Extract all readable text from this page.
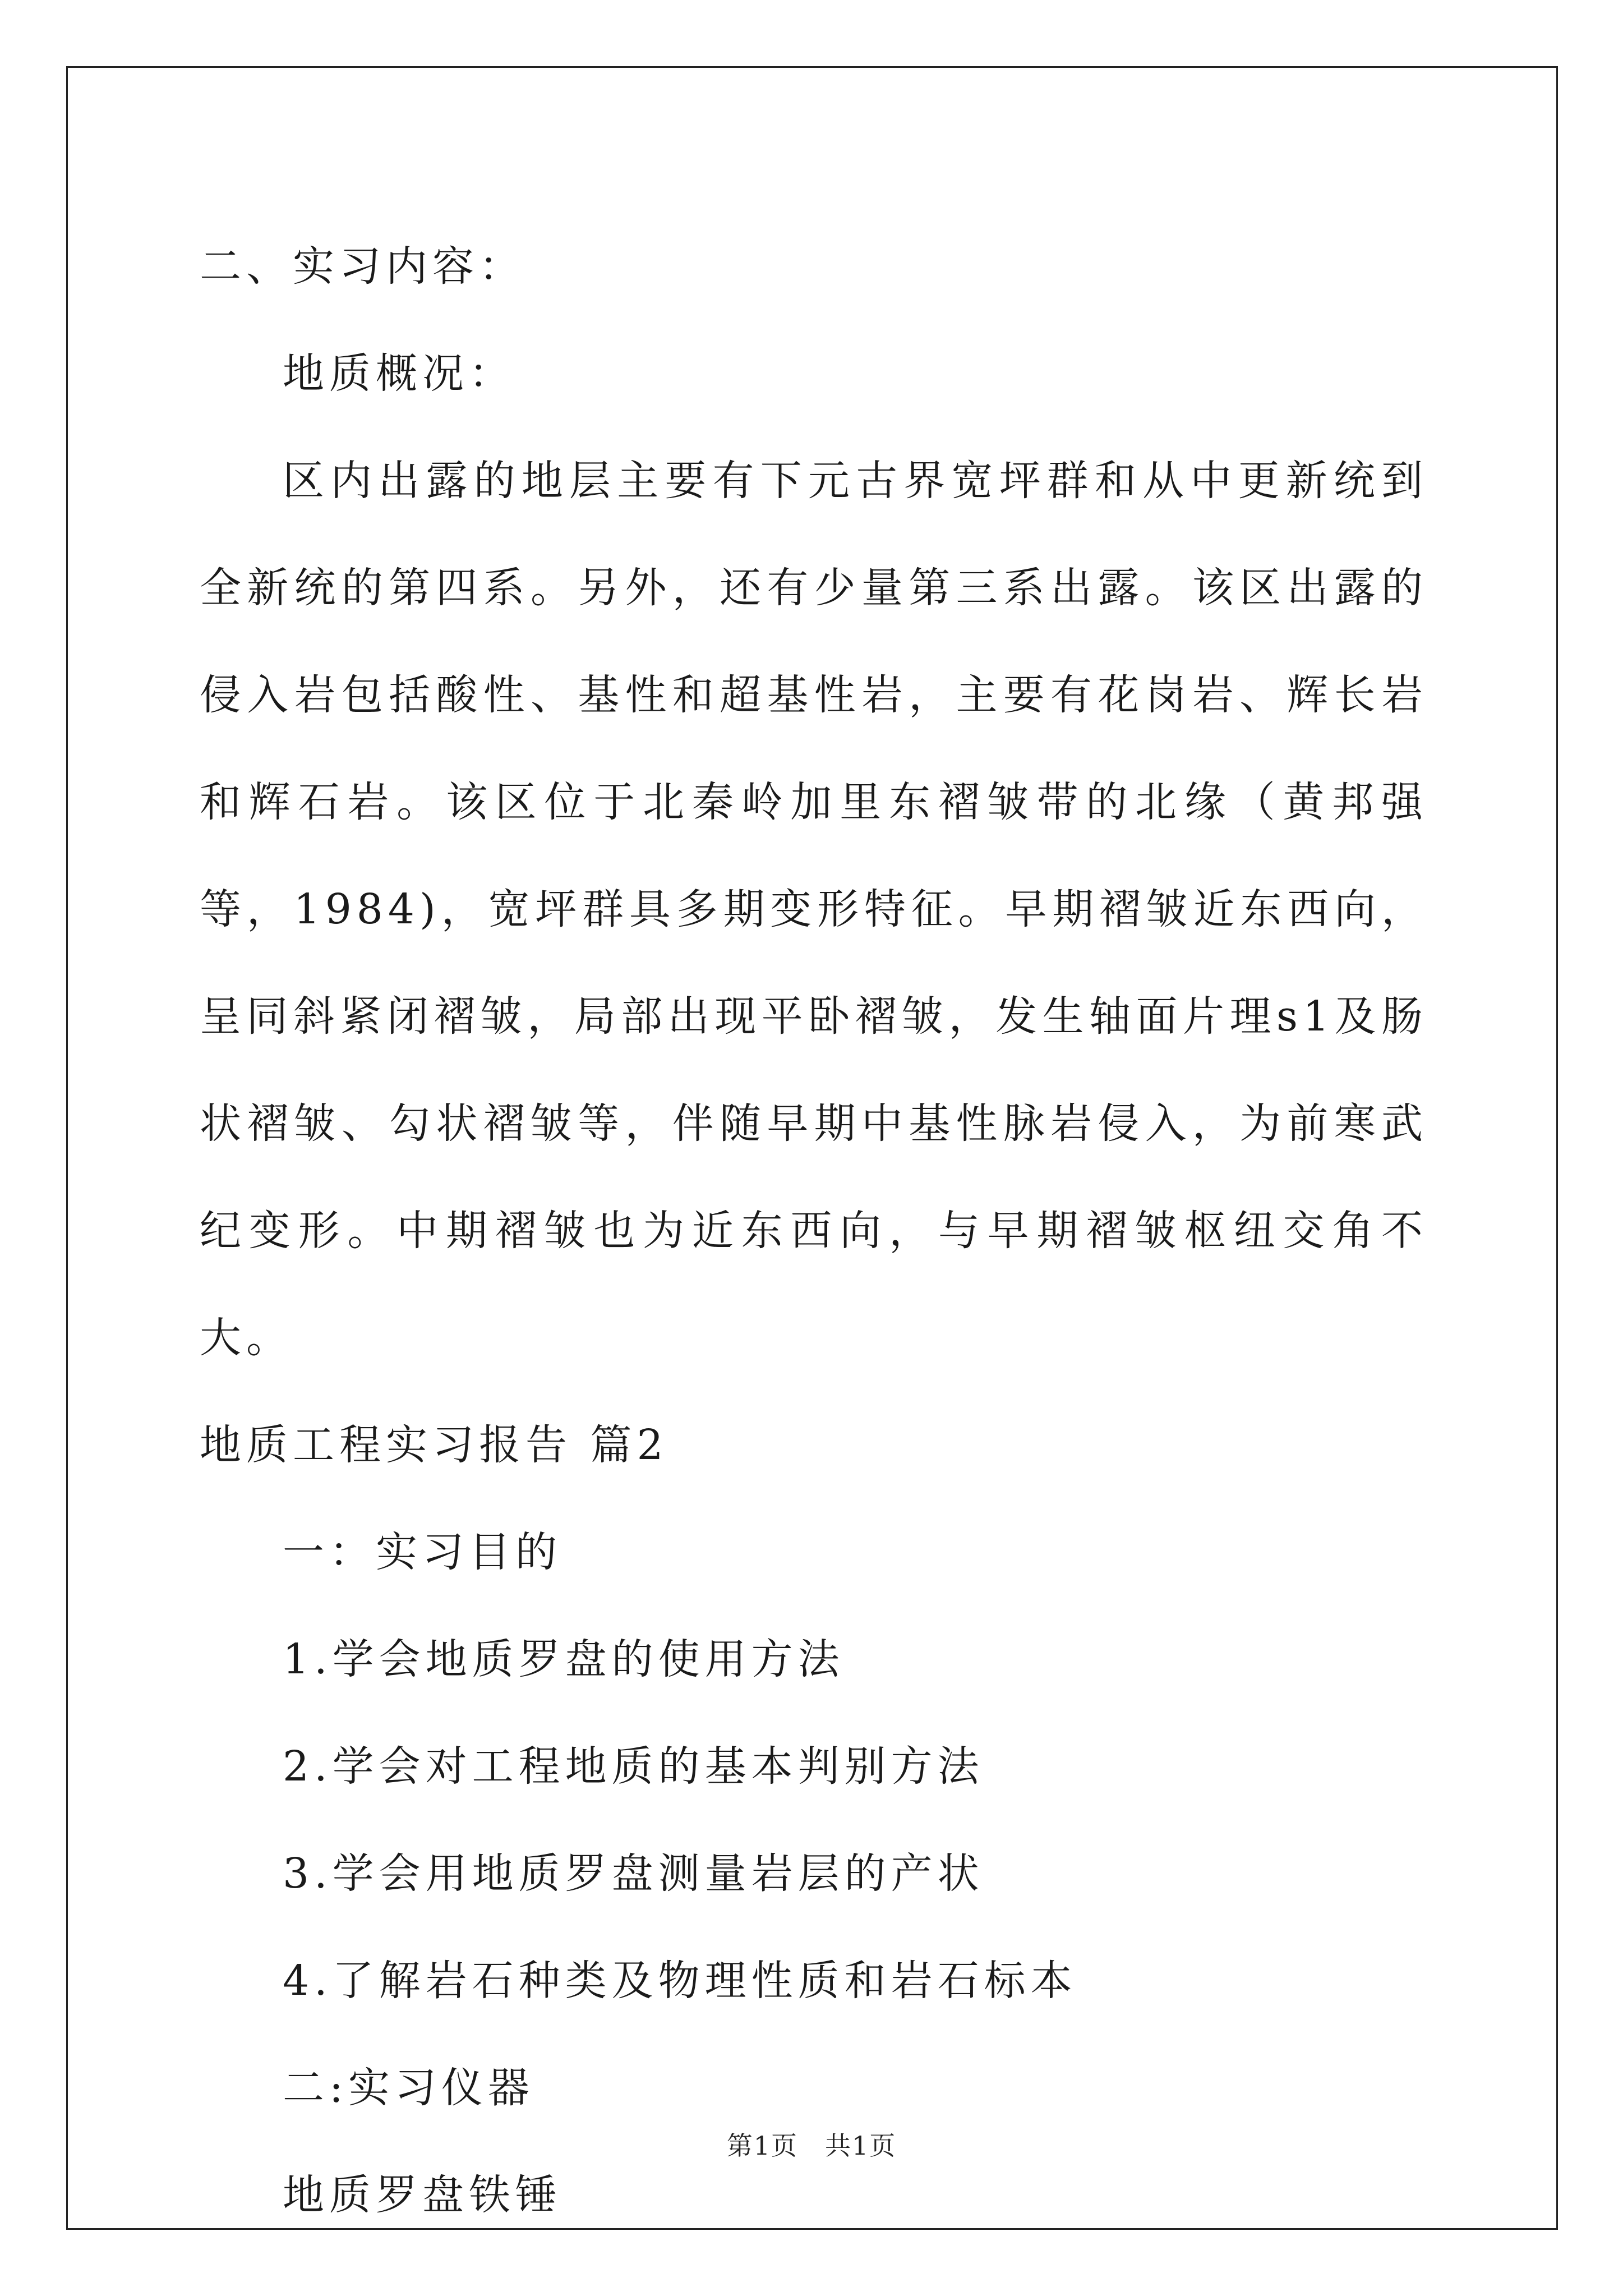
二、实习内容：

地质概况：

区内出露的地层主要有下元古界宽坪群和从中更新统到全新统的第四系。另外，还有少量第三系出露。该区出露的侵入岩包括酸性、基性和超基性岩，主要有花岗岩、辉长岩和辉石岩。该区位于北秦岭加里东褶皱带的北缘（黄邦强等，1984)，宽坪群具多期变形特征。早期褶皱近东西向，呈同斜紧闭褶皱，局部出现平卧褶皱，发生轴面片理s1及肠状褶皱、勾状褶皱等，伴随早期中基性脉岩侵入，为前寒武纪变形。中期褶皱也为近东西向，与早期褶皱枢纽交角不大。

地质工程实习报告 篇2

一：实习目的

1.学会地质罗盘的使用方法

2.学会对工程地质的基本判别方法

3.学会用地质罗盘测量岩层的产状

4.了解岩石种类及物理性质和岩石标本

二:实习仪器

地质罗盘铁锤

第1页　共1页
